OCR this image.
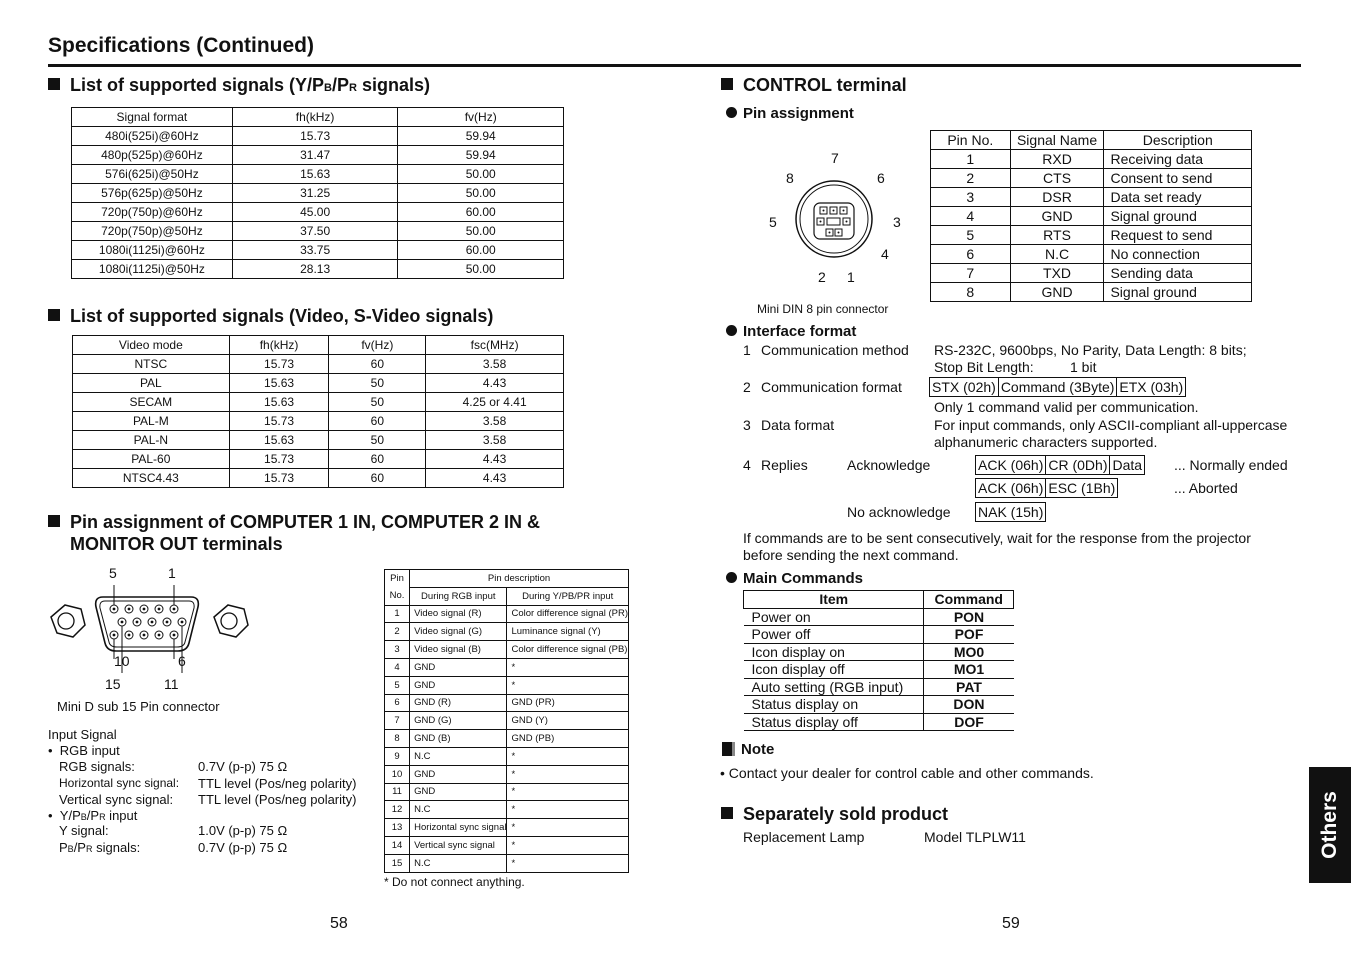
Specifications (Continued)
List of supported signals (Y/PB/PR signals)
Signal format	fh(kHz)	fv(Hz)
480i(525i)@60Hz	15.73	59.94
480p(525p)@60Hz	31.47	59.94
576i(625i)@50Hz	15.63	50.00
576p(625p)@50Hz	31.25	50.00
720p(750p)@60Hz	45.00	60.00
720p(750p)@50Hz	37.50	50.00
1080i(1125i)@60Hz	33.75	60.00
1080i(1125i)@50Hz	28.13	50.00
List of supported signals (Video, S-Video signals)
Video mode	fh(kHz)	fv(Hz)	fsc(MHz)
NTSC	15.73	60	3.58
PAL	15.63	50	4.43
SECAM	15.63	50	4.25 or 4.41
PAL-M	15.73	60	3.58
PAL-N	15.63	50	3.58
PAL-60	15.73	60	4.43
NTSC4.43	15.73	60	4.43
Pin assignment of COMPUTER 1 IN, COMPUTER 2 IN &
MONITOR OUT terminals
5	1
10	6
15	11
Mini D sub 15 Pin connector
Input Signal
•  RGB input
RGB signals:	0.7V (p-p) 75 Ω
Horizontal sync signal: TTL level (Pos/neg polarity)
Vertical sync signal: TTL level (Pos/neg polarity)
•  Y/PB/PR input
Y signal:	1.0V (p-p) 75 Ω
PB/PR signals:	0.7V (p-p) 75 Ω
Pin	Pin description	
No.	During RGB input	During Y/PB/PR input
1	Video signal (R)	Color difference signal (PR)
2	Video signal (G)	Luminance signal (Y)
3	Video signal (B)	Color difference signal (PB)
4	GND	*
5	GND	*
6	GND (R)	GND (PR)
7	GND (G)	GND (Y)
8	GND (B)	GND (PB)
9	N.C	*
10	GND	*
11	GND	*
12	N.C	*
13	Horizontal sync signal	*
14	Vertical sync signal	*
15	N.C	*
* Do not connect anything.
58
CONTROL terminal
Pin assignment
7
8	6
5	3
4
2 1
Mini DIN 8 pin connector
Pin No.	Signal Name	Description
1	RXD	Receiving data
2	CTS	Consent to send
3	DSR	Data set ready
4	GND	Signal ground
5	RTS	Request to send
6	N.C	No connection
7	TXD	Sending data
8	GND	Signal ground
Interface format
1 Communication method RS-232C, 9600bps, No Parity, Data Length: 8 bits;
Stop Bit Length:	1 bit
2 Communication format STX (02h) Command (3Byte) ETX (03h)
Only 1 command valid per communication.
3 Data format	For input commands, only ASCII-compliant all-uppercase
alphanumeric characters supported.
4 Replies	Acknowledge	ACK (06h) CR (0Dh) Data ... Normally ended
ACK (06h) ESC (1Bh)	... Aborted
No acknowledge NAK (15h)
If commands are to be sent consecutively, wait for the response from the projector
before sending the next command.
Main Commands
Item	Command
Power on	PON
Power off	POF
Icon display on	MO0
Icon display off	MO1
Auto setting (RGB input)	PAT
Status display on	DON
Status display off	DOF
Note
• Contact your dealer for control cable and other commands.
Separately sold product
Replacement Lamp	Model TLPLW11	Others
59
